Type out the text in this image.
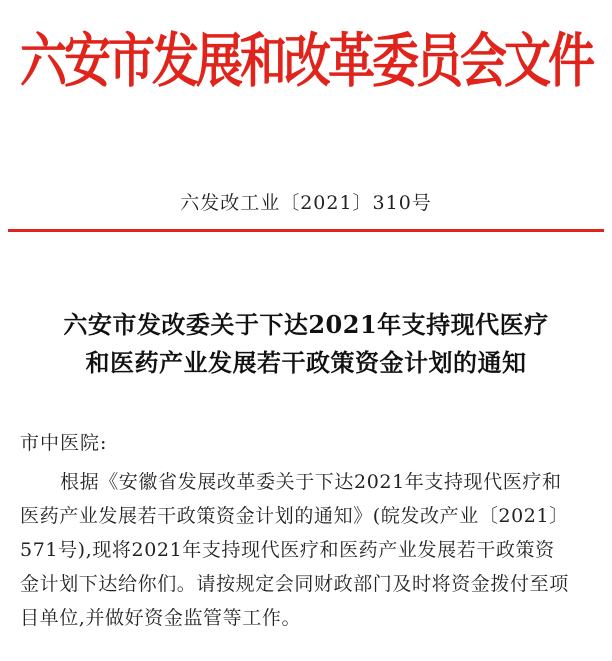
六安市发展和改革委员会文件
六发改工业〔2021〕310号
六安市发改委关于下达2021年支持现代医疗
和医药产业发展若干政策资金计划的通知
市中医院:
根据《安徽省发展改革委关于下达2021年支持现代医疗和
医药产业发展若干政策资金计划的通知》(皖发改产业〔2021〕
571号),现将2021年支持现代医疗和医药产业发展若干政策资
金计划下达给你们。请按规定会同财政部门及时将资金拨付至项
目单位,并做好资金监管等工作。
